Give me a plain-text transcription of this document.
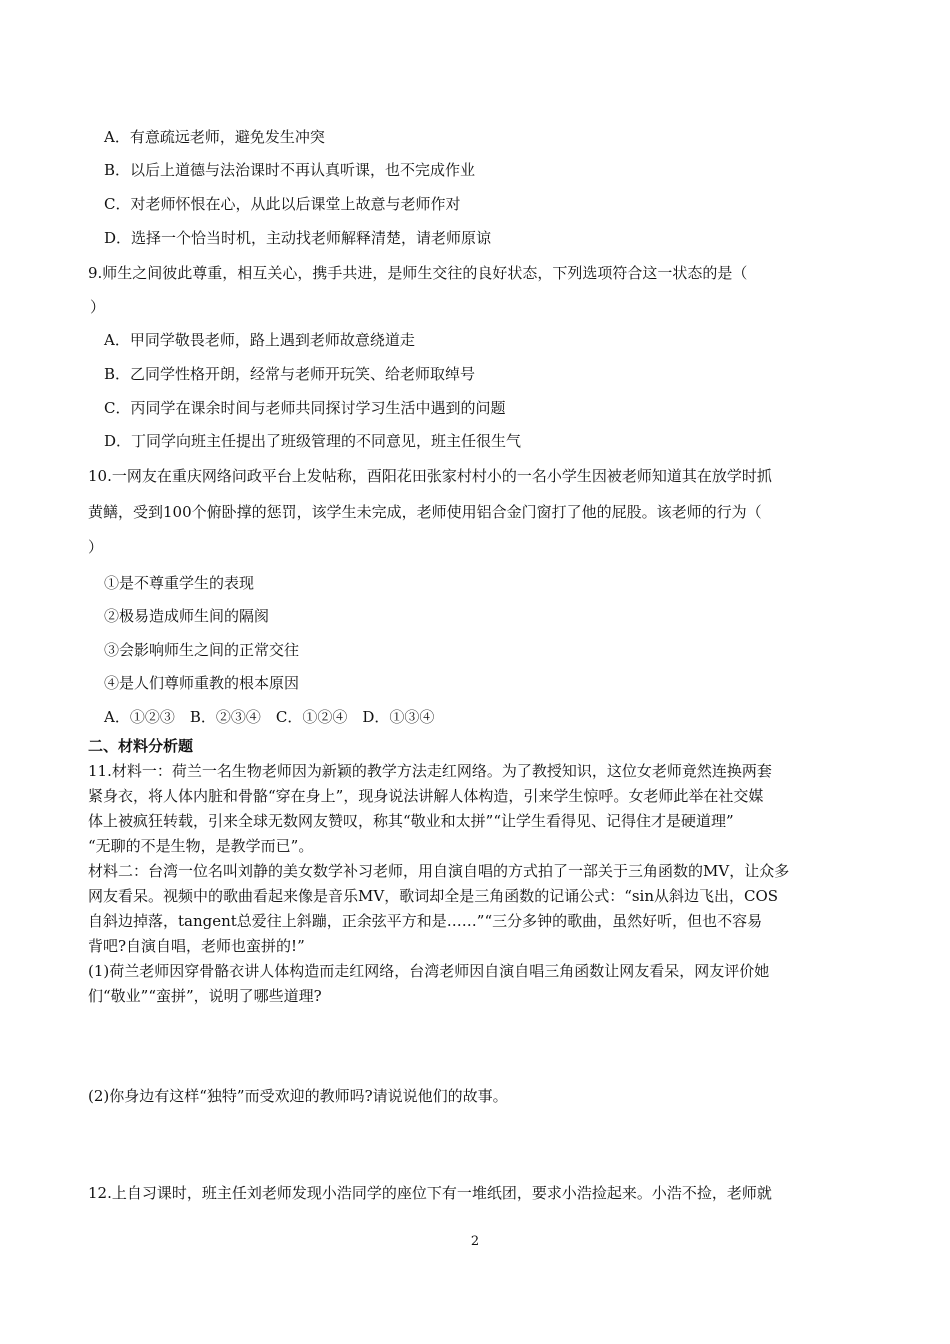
A．有意疏远老师，避免发生冲突
B．以后上道德与法治课时不再认真听课，也不完成作业
C．对老师怀恨在心，从此以后课堂上故意与老师作对
D．选择一个恰当时机，主动找老师解释清楚，请老师原谅
9.师生之间彼此尊重，相互关心，携手共进，是师生交往的良好状态，下列选项符合这一状态的是（
）
A．甲同学敬畏老师，路上遇到老师故意绕道走
B．乙同学性格开朗，经常与老师开玩笑、给老师取绰号
C．丙同学在课余时间与老师共同探讨学习生活中遇到的问题
D．丁同学向班主任提出了班级管理的不同意见，班主任很生气
10.一网友在重庆网络问政平台上发帖称，酉阳花田张家村村小的一名小学生因被老师知道其在放学时抓
黄鳝，受到100个俯卧撑的惩罚，该学生未完成，老师使用铝合金门窗打了他的屁股。该老师的行为（
）
①是不尊重学生的表现
②极易造成师生间的隔阂
③会影响师生之间的正常交往
④是人们尊师重教的根本原因
A．①②③　B．②③④　C．①②④　D．①③④
二、材料分析题
11.材料一：荷兰一名生物老师因为新颖的教学方法走红网络。为了教授知识，这位女老师竟然连换两套
紧身衣，将人体内脏和骨骼“穿在身上”，现身说法讲解人体构造，引来学生惊呼。女老师此举在社交媒
体上被疯狂转载，引来全球无数网友赞叹，称其“敬业和太拼”“让学生看得见、记得住才是硬道理”
“无聊的不是生物，是教学而已”。
材料二：台湾一位名叫刘静的美女数学补习老师，用自演自唱的方式拍了一部关于三角函数的MV，让众多
网友看呆。视频中的歌曲看起来像是音乐MV，歌词却全是三角函数的记诵公式：“sin从斜边飞出，COS
自斜边掉落，tangent总爱往上斜蹦，正余弦平方和是……”“三分多钟的歌曲，虽然好听，但也不容易
背吧?自演自唱，老师也蛮拼的!”
(1)荷兰老师因穿骨骼衣讲人体构造而走红网络，台湾老师因自演自唱三角函数让网友看呆，网友评价她
们“敬业”“蛮拼”，说明了哪些道理?
(2)你身边有这样“独特”而受欢迎的教师吗?请说说他们的故事。
12.上自习课时，班主任刘老师发现小浩同学的座位下有一堆纸团，要求小浩捡起来。小浩不捡，老师就
2
